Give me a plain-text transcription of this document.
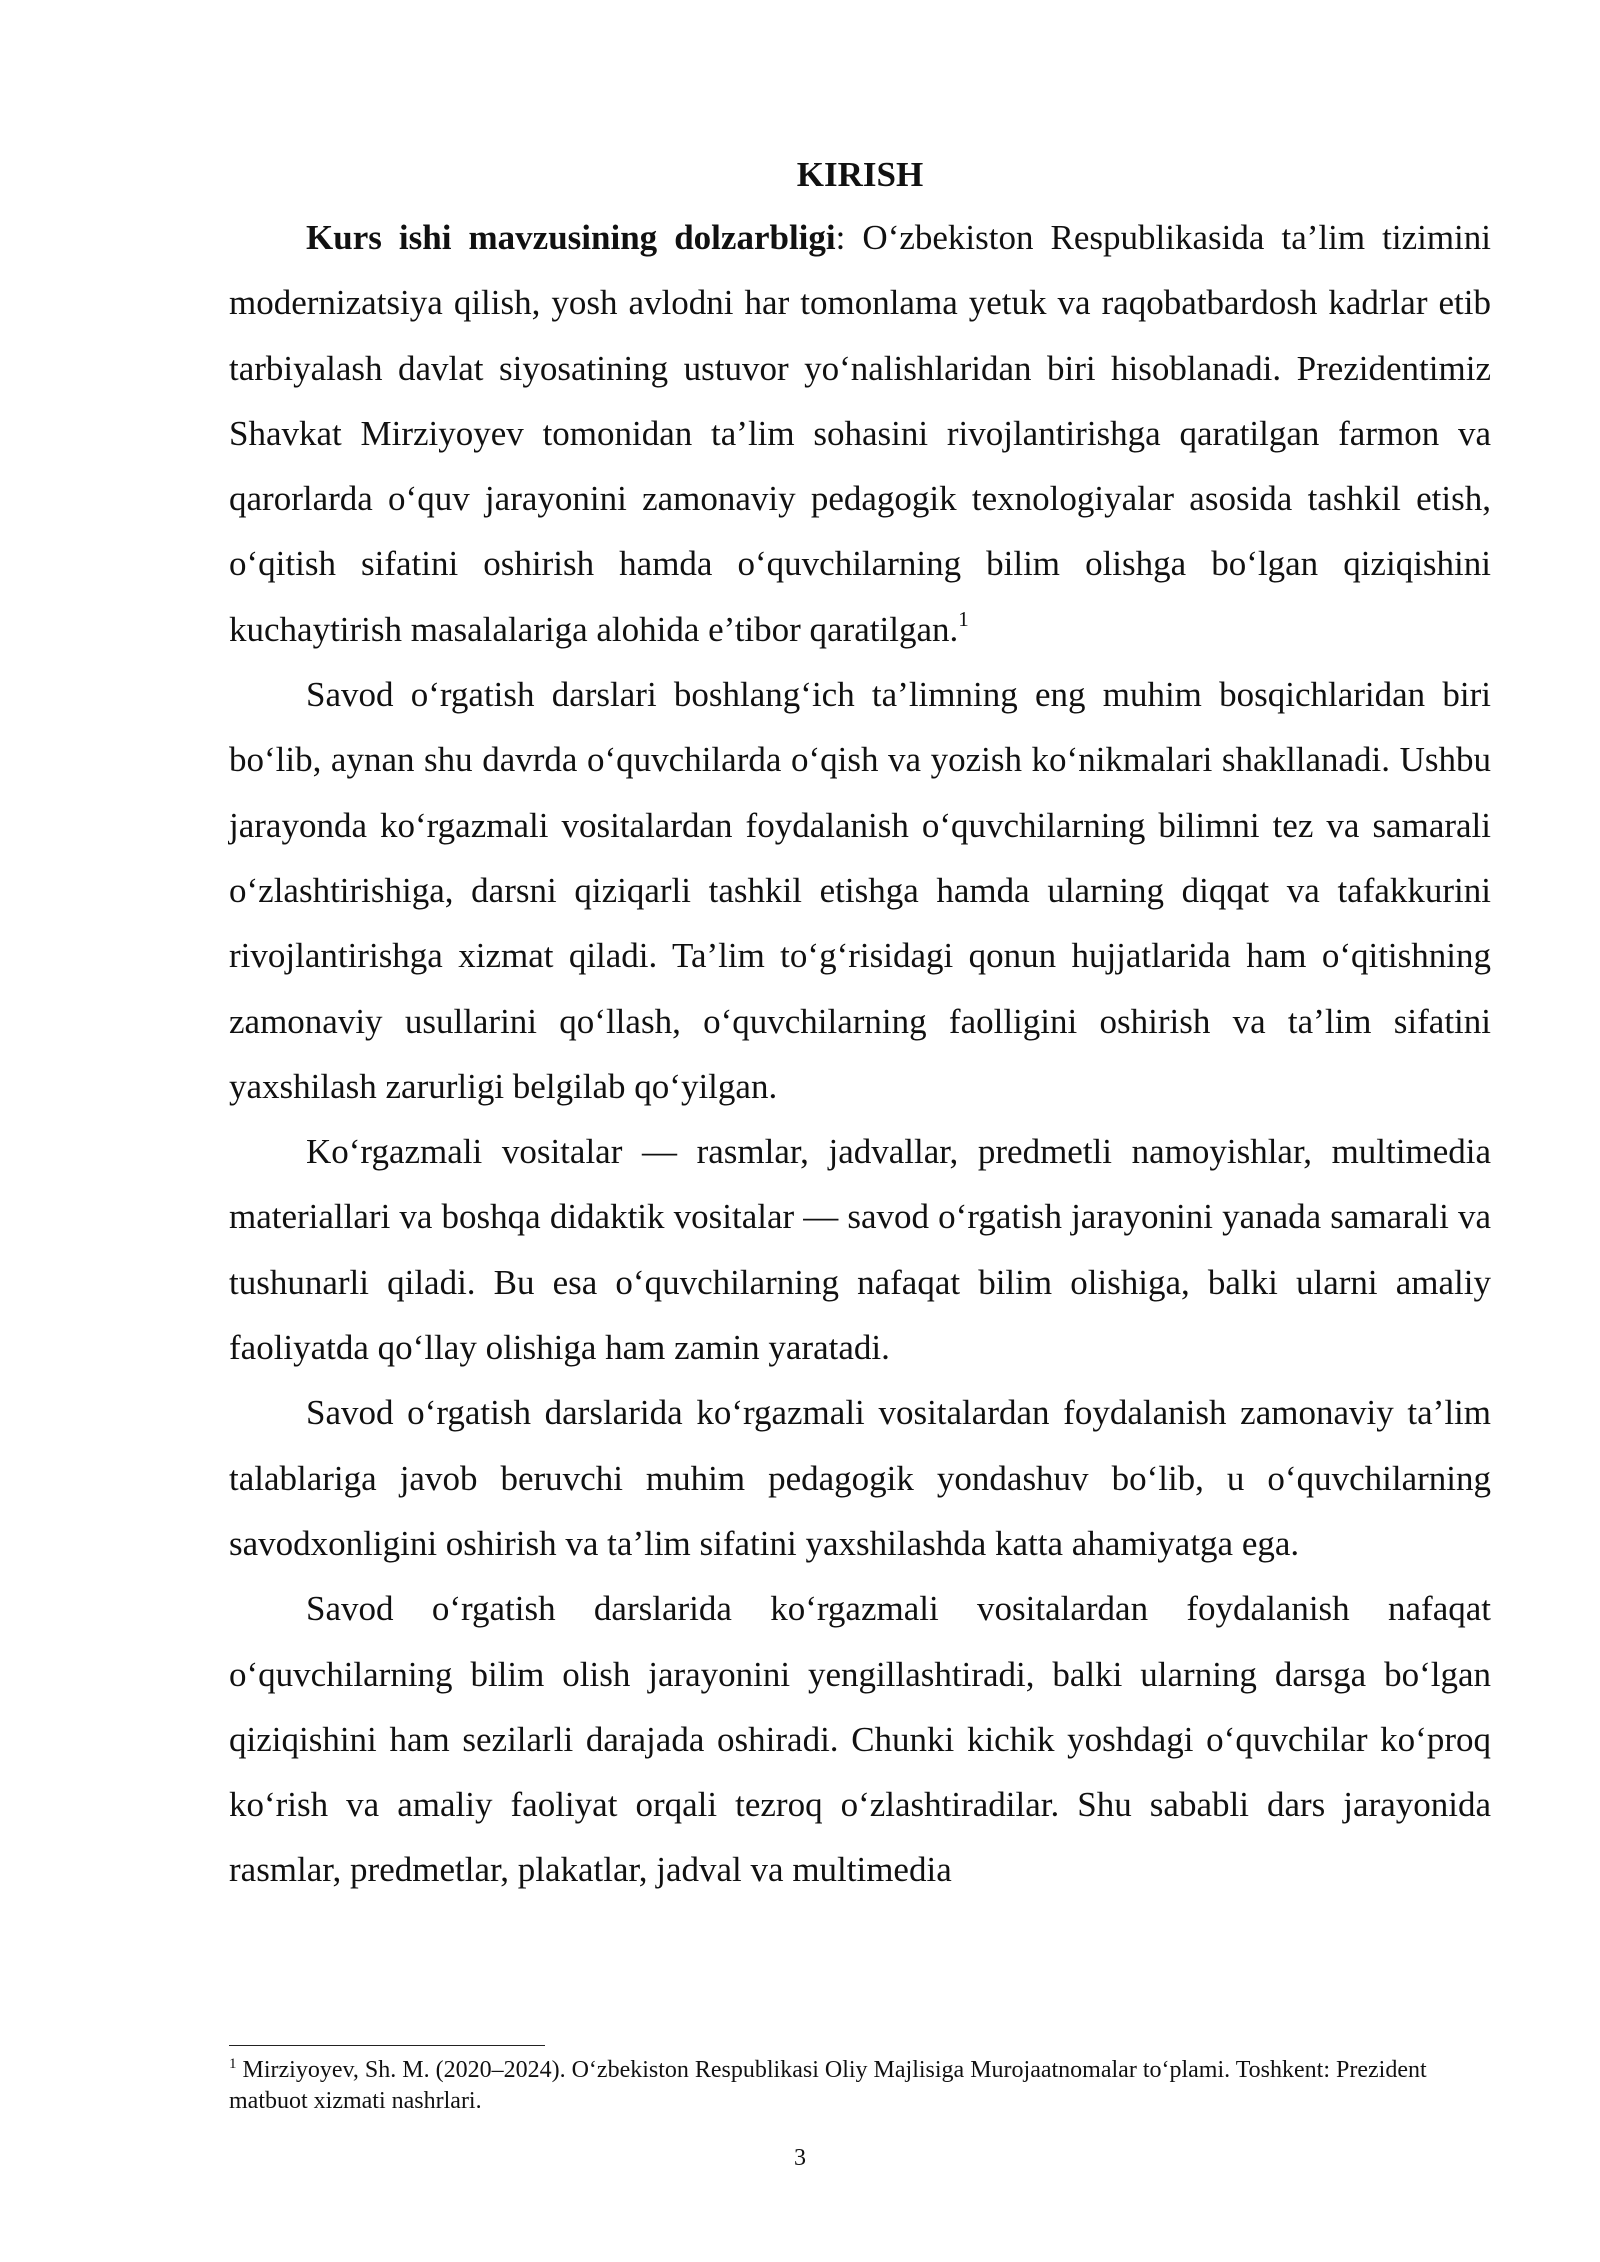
KIRISH

Kurs ishi mavzusining dolzarbligi: O‘zbekiston Respublikasida ta’lim tizimini modernizatsiya qilish, yosh avlodni har tomonlama yetuk va raqobatbardosh kadrlar etib tarbiyalash davlat siyosatining ustuvor yo‘nalishlaridan biri hisoblanadi. Prezidentimiz Shavkat Mirziyoyev tomonidan ta’lim sohasini rivojlantirishga qaratilgan farmon va qarorlarda o‘quv jarayonini zamonaviy pedagogik texnologiyalar asosida tashkil etish, o‘qitish sifatini oshirish hamda o‘quvchilarning bilim olishga bo‘lgan qiziqishini kuchaytirish masalalariga alohida e’tibor qaratilgan.$^1$

Savod o‘rgatish darslari boshlang‘ich ta’limning eng muhim bosqichlaridan biri bo‘lib, aynan shu davrda o‘quvchilarda o‘qish va yozish ko‘nikmalari shakllanadi. Ushbu jarayonda ko‘rgazmali vositalardan foydalanish o‘quvchilarning bilimni tez va samarali o‘zlashtirishiga, darsni qiziqarli tashkil etishga hamda ularning diqqat va tafakkurini rivojlantirishga xizmat qiladi. Ta’lim to‘g‘risidagi qonun hujjatlarida ham o‘qitishning zamonaviy usullarini qo‘llash, o‘quvchilarning faolligini oshirish va ta’lim sifatini yaxshilash zarurligi belgilab qo‘yilgan.

Ko‘rgazmali vositalar — rasmlar, jadvallar, predmetli namoyishlar, multimedia materiallari va boshqa didaktik vositalar — savod o‘rgatish jarayonini yanada samarali va tushunarli qiladi. Bu esa o‘quvchilarning nafaqat bilim olishiga, balki ularni amaliy faoliyatda qo‘llay olishiga ham zamin yaratadi.

Savod o‘rgatish darslarida ko‘rgazmali vositalardan foydalanish zamonaviy ta’lim talablariga javob beruvchi muhim pedagogik yondashuv bo‘lib, u o‘quvchilarning savodxonligini oshirish va ta’lim sifatini yaxshilashda katta ahamiyatga ega.

Savod o‘rgatish darslarida ko‘rgazmali vositalardan foydalanish nafaqat o‘quvchilarning bilim olish jarayonini yengillashtiradi, balki ularning darsga bo‘lgan qiziqishini ham sezilarli darajada oshiradi. Chunki kichik yoshdagi o‘quvchilar ko‘proq ko‘rish va amaliy faoliyat orqali tezroq o‘zlashtiradilar. Shu sababli dars jarayonida rasmlar, predmetlar, plakatlar, jadval va multimedia

$^1$ Mirziyoyev, Sh. M. (2020–2024). O‘zbekiston Respublikasi Oliy Majlisiga Murojaatnomalar to‘plami. Toshkent: Prezident matbuot xizmati nashrlari.

3
